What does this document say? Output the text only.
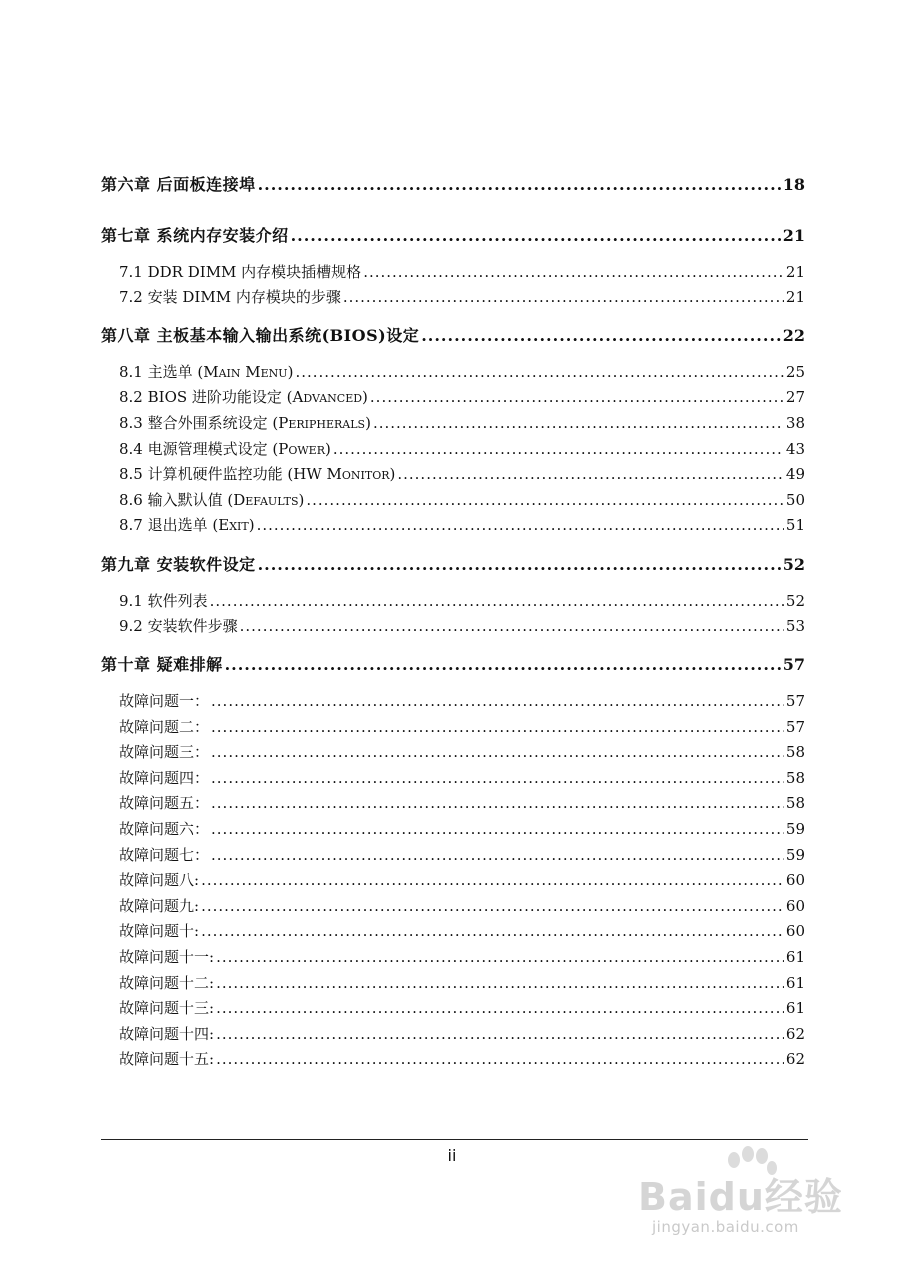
第六章 后面板连接埠 .....	18
第七章 系统内存安装介绍 .....	21
7.1 DDR DIMM 内存模块插槽规格 .....	21
7.2 安装 DIMM 内存模块的步骤 .....	21
第八章 主板基本输入输出系统(BIOS)设定 .....	22
8.1 主选单 (Main Menu) .....	25
8.2 BIOS 进阶功能设定 (Advanced) .....	27
8.3 整合外围系统设定 (Peripherals) .....	38
8.4 电源管理模式设定 (Power) .....	43
8.5 计算机硬件监控功能 (HW Monitor) .....	49
8.6 输入默认值 (Defaults) .....	50
8.7 退出选单 (Exit) .....	51
第九章 安装软件设定 .....	52
9.1 软件列表 .....	52
9.2 安装软件步骤 .....	53
第十章 疑难排解 .....	57
故障问题一： .....	57
故障问题二： .....	57
故障问题三： .....	58
故障问题四： .....	58
故障问题五： .....	58
故障问题六： .....	59
故障问题七： .....	59
故障问题八: .....	60
故障问题九: .....	60
故障问题十: .....	60
故障问题十一: .....	61
故障问题十二: .....	61
故障问题十三: .....	61
故障问题十四: .....	62
故障问题十五: .....	62
ii
Baidu经验
jingyan.baidu.com
